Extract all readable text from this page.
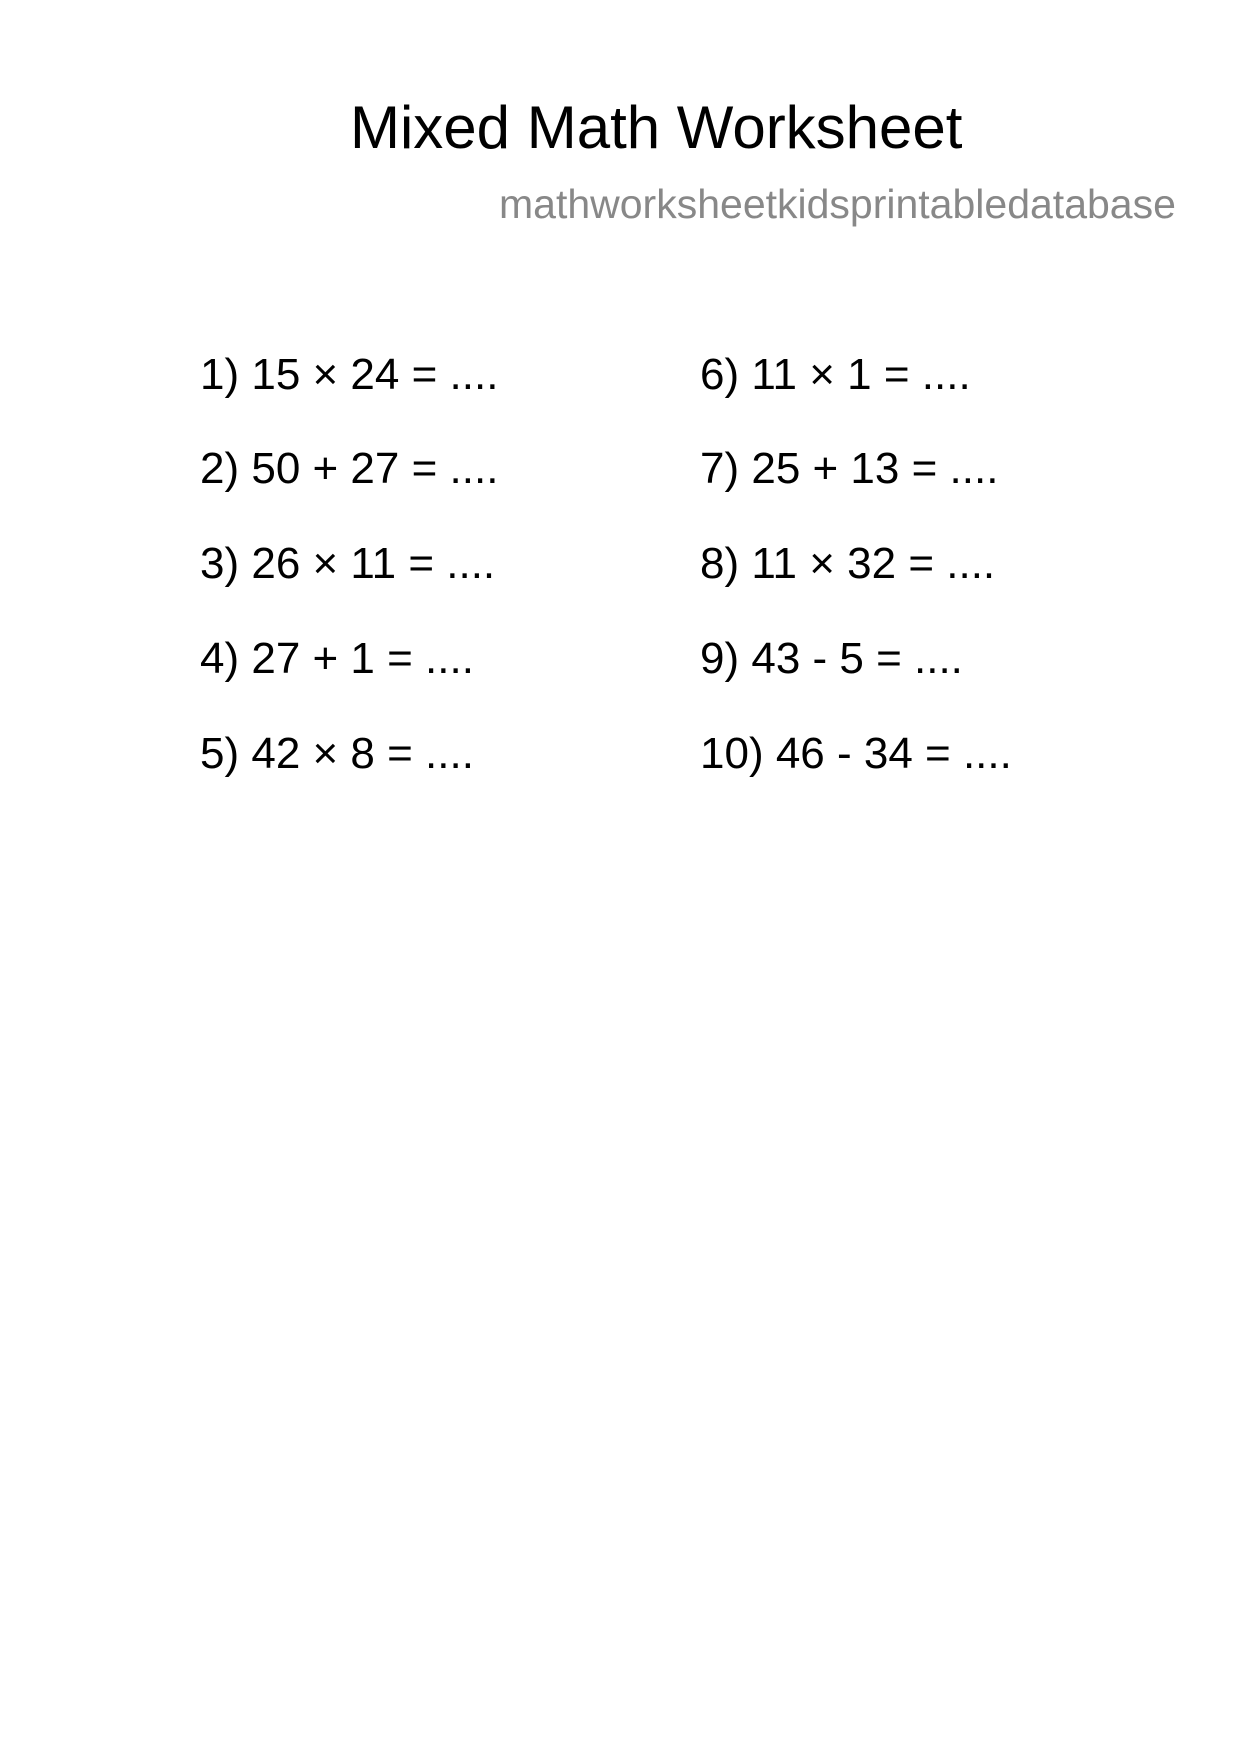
Mixed Math Worksheet
mathworksheetkidsprintabledatabase
1) 15 × 24 = ....
2) 50 + 27 = ....
3) 26 × 11 = ....
4) 27 + 1 = ....
5) 42 × 8 = ....
6) 11 × 1 = ....
7) 25 + 13 = ....
8) 11 × 32 = ....
9) 43 - 5 = ....
10) 46 - 34 = ....
